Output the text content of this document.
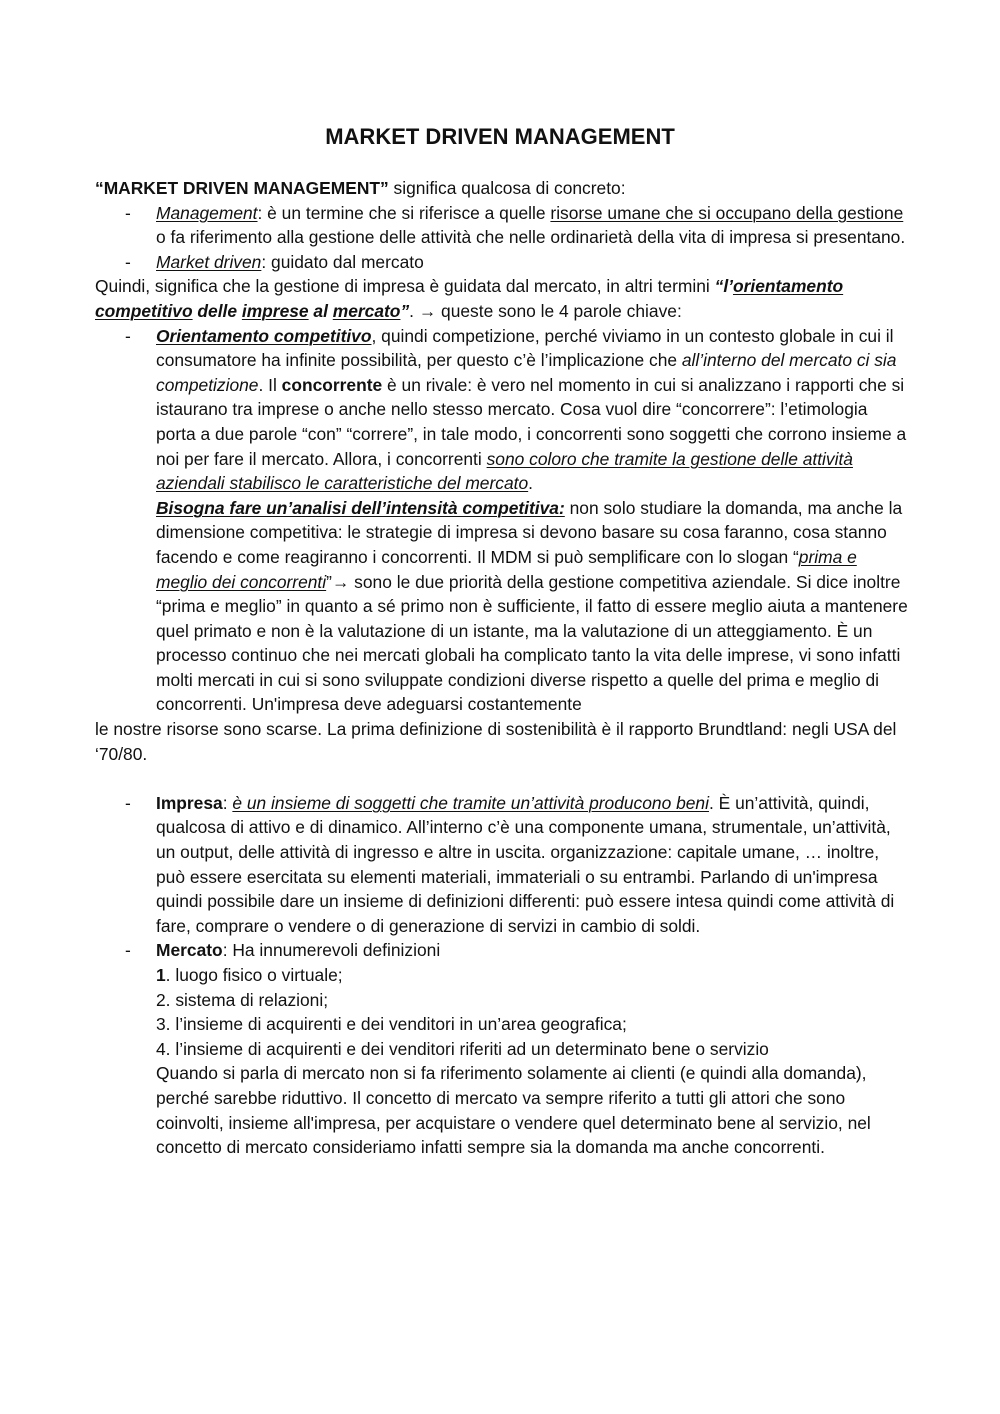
MARKET DRIVEN MANAGEMENT

“MARKET DRIVEN MANAGEMENT” significa qualcosa di concreto:

- Management: è un termine che si riferisce a quelle risorse umane che si occupano della gestione o fa riferimento alla gestione delle attività che nelle ordinarietà della vita di impresa si presentano.
- Market driven: guidato dal mercato

Quindi, significa che la gestione di impresa è guidata dal mercato, in altri termini “l’orientamento competitivo delle imprese al mercato”. → queste sono le 4 parole chiave:

- Orientamento competitivo, quindi competizione, perché viviamo in un contesto globale in cui il consumatore ha infinite possibilità, per questo c’è l’implicazione che all’interno del mercato ci sia competizione. Il concorrente è un rivale: è vero nel momento in cui si analizzano i rapporti che si istaurano tra imprese o anche nello stesso mercato. Cosa vuol dire “concorrere”: l’etimologia porta a due parole “con” “correre”, in tale modo, i concorrenti sono soggetti che corrono insieme a noi per fare il mercato. Allora, i concorrenti sono coloro che tramite la gestione delle attività aziendali stabilisco le caratteristiche del mercato.

Bisogna fare un’analisi dell’intensità competitiva: non solo studiare la domanda, ma anche la dimensione competitiva: le strategie di impresa si devono basare su cosa faranno, cosa stanno facendo e come reagiranno i concorrenti. Il MDM si può semplificare con lo slogan “prima e meglio dei concorrenti”→ sono le due priorità della gestione competitiva aziendale. Si dice inoltre “prima e meglio” in quanto a sé primo non è sufficiente, il fatto di essere meglio aiuta a mantenere quel primato e non è la valutazione di un istante, ma la valutazione di un atteggiamento. È un processo continuo che nei mercati globali ha complicato tanto la vita delle imprese, vi sono infatti molti mercati in cui si sono sviluppate condizioni diverse rispetto a quelle del prima e meglio di concorrenti. Un'impresa deve adeguarsi costantemente

le nostre risorse sono scarse. La prima definizione di sostenibilità è il rapporto Brundtland: negli USA del ‘70/80.

- Impresa: è un insieme di soggetti che tramite un’attività producono beni. È un’attività, quindi, qualcosa di attivo e di dinamico. All’interno c’è una componente umana, strumentale, un’attività, un output, delle attività di ingresso e altre in uscita. organizzazione: capitale umane, … inoltre, può essere esercitata su elementi materiali, immateriali o su entrambi. Parlando di un'impresa quindi possibile dare un insieme di definizioni differenti: può essere intesa quindi come attività di fare, comprare o vendere o di generazione di servizi in cambio di soldi.
- Mercato: Ha innumerevoli definizioni
1. luogo fisico o virtuale;
2. sistema di relazioni;
3. l’insieme di acquirenti e dei venditori in un’area geografica;
4. l’insieme di acquirenti e dei venditori riferiti ad un determinato bene o servizio
Quando si parla di mercato non si fa riferimento solamente ai clienti (e quindi alla domanda), perché sarebbe riduttivo. Il concetto di mercato va sempre riferito a tutti gli attori che sono coinvolti, insieme all'impresa, per acquistare o vendere quel determinato bene al servizio, nel concetto di mercato consideriamo infatti sempre sia la domanda ma anche concorrenti.
